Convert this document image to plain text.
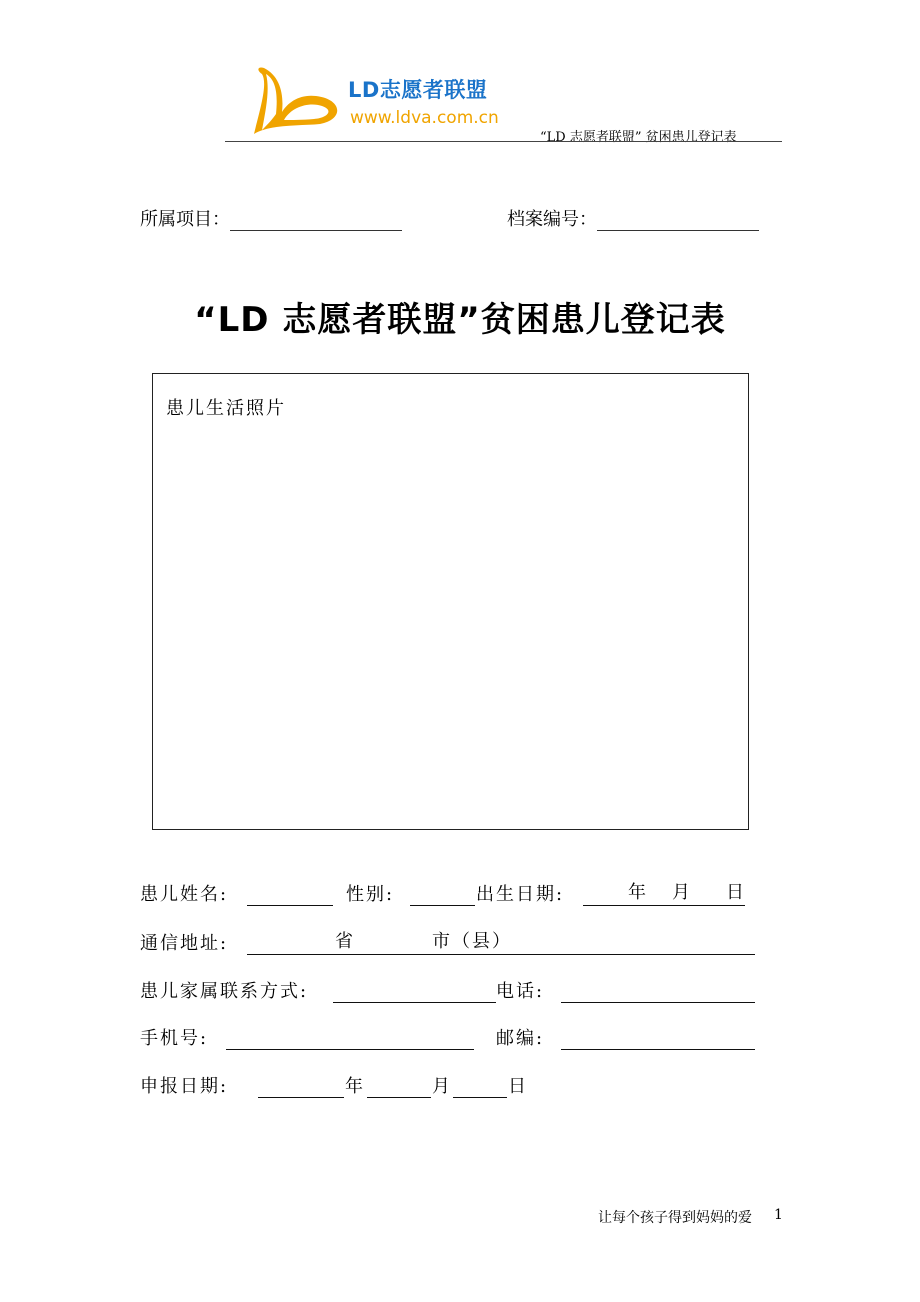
LD志愿者联盟
www.ldva.com.cn
“LD 志愿者联盟” 贫困患儿登记表
所属项目：	档案编号：
“LD 志愿者联盟”贫困患儿登记表
患儿生活照片
患儿姓名:	性别:	出生日期:	年 月 日
通信地址:	省	市（县）
患儿家属联系方式:	电话:
手机号:	邮编:
申报日期:	年	月	日
让每个孩子得到妈妈的爱 1
